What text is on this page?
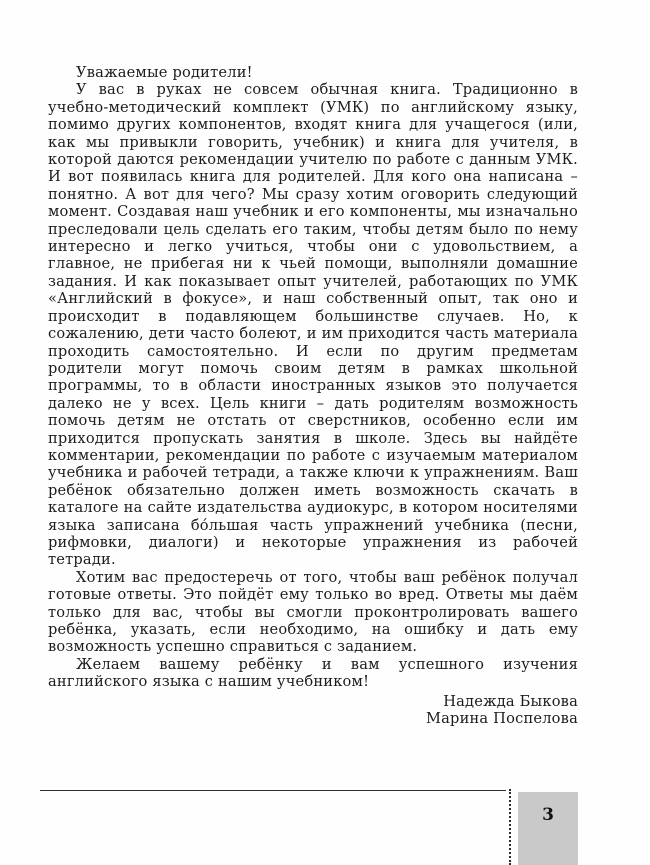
Уважаемые родители!

У вас в руках не совсем обычная книга. Традиционно в учебно-методический комплект (УМК) по английскому языку, помимо других компонентов, входят книга для учащегося (или, как мы привыкли говорить, учебник) и книга для учителя, в которой даются рекомендации учителю по работе с данным УМК. И вот появилась книга для родителей. Для кого она написана – понятно. А вот для чего? Мы сразу хотим оговорить следующий момент. Создавая наш учебник и его компоненты, мы изначально преследовали цель сделать его таким, чтобы детям было по нему интересно и легко учиться, чтобы они с удовольствием, а главное, не прибегая ни к чьей помощи, выполняли домашние задания. И как показывает опыт учителей, работающих по УМК «Английский в фокусе», и наш собственный опыт, так оно и происходит в подавляющем большинстве случаев. Но, к сожалению, дети часто болеют, и им приходится часть материала проходить самостоятельно. И если по другим предметам родители могут помочь своим детям в рамках школьной программы, то в области иностранных языков это получается далеко не у всех. Цель книги – дать родителям возможность помочь детям не отстать от сверстников, особенно если им приходится пропускать занятия в школе. Здесь вы найдёте комментарии, рекомендации по работе с изучаемым материалом учебника и рабочей тетради, а также ключи к упражнениям. Ваш ребёнок обязательно должен иметь возможность скачать в каталоге на сайте издательства аудиокурс, в котором носителями языка записана бо́льшая часть упражнений учебника (песни, рифмовки, диалоги) и некоторые упражнения из рабочей тетради.

Хотим вас предостеречь от того, чтобы ваш ребёнок получал готовые ответы. Это пойдёт ему только во вред. Ответы мы даём только для вас, чтобы вы смогли проконтролировать вашего ребёнка, указать, если необходимо, на ошибку и дать ему возможность успешно справиться с заданием.

Желаем вашему ребёнку и вам успешного изучения английского языка с нашим учебником!

Надежда Быкова
Марина Поспелова
3
